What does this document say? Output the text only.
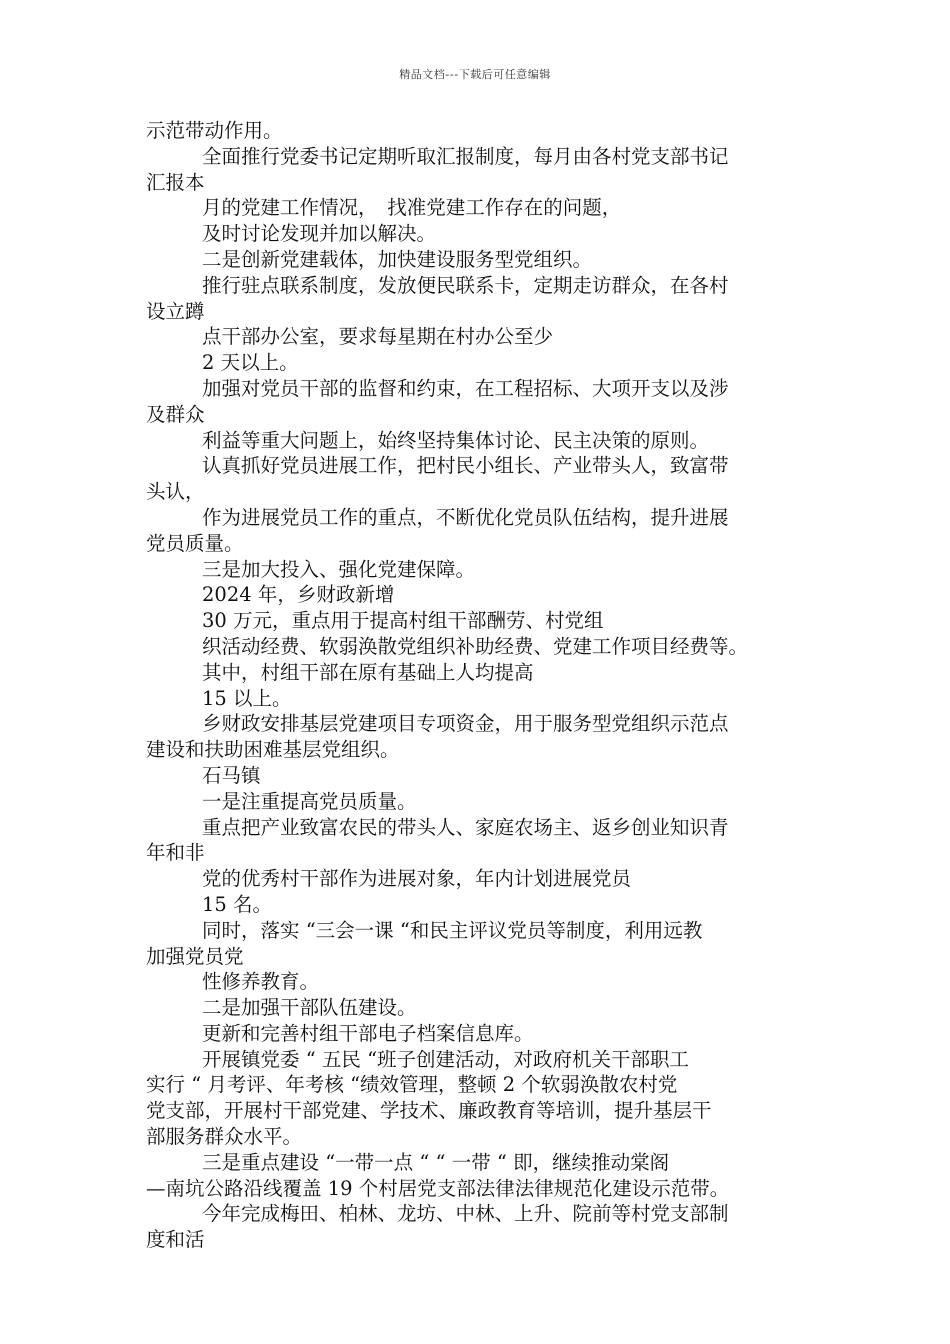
精品文档---下载后可任意编辑
示范带动作用。
全面推行党委书记定期听取汇报制度，每月由各村党支部书记
汇报本
月的党建工作情况，　找准党建工作存在的问题，
及时讨论发现并加以解决。
二是创新党建载体，加快建设服务型党组织。
推行驻点联系制度，发放便民联系卡，定期走访群众，在各村
设立蹲
点干部办公室，要求每星期在村办公至少
2 天以上。
加强对党员干部的监督和约束，在工程招标、大项开支以及涉
及群众
利益等重大问题上，始终坚持集体讨论、民主决策的原则。
认真抓好党员进展工作，把村民小组长、产业带头人，致富带
头认，
作为进展党员工作的重点，不断优化党员队伍结构，提升进展
党员质量。
三是加大投入、强化党建保障。
2024 年，乡财政新增
30 万元，重点用于提高村组干部酬劳、村党组
织活动经费、软弱涣散党组织补助经费、党建工作项目经费等。
其中，村组干部在原有基础上人均提高
15 以上。
乡财政安排基层党建项目专项资金，用于服务型党组织示范点
建设和扶助困难基层党组织。
石马镇
一是注重提高党员质量。
重点把产业致富农民的带头人、家庭农场主、返乡创业知识青
年和非
党的优秀村干部作为进展对象，年内计划进展党员
15 名。
同时，落实 “三会一课 “和民主评议党员等制度，利用远教
加强党员党
性修养教育。
二是加强干部队伍建设。
更新和完善村组干部电子档案信息库。
开展镇党委 “ 五民 “班子创建活动，对政府机关干部职工
实行 “ 月考评、年考核 “绩效管理，整顿 2 个软弱涣散农村党
党支部，开展村干部党建、学技术、廉政教育等培训，提升基层干
部服务群众水平。
三是重点建设 “一带一点 “ “ 一带 “ 即，继续推动棠阁
—南坑公路沿线覆盖 19 个村居党支部法律法律规范化建设示范带。
今年完成梅田、柏林、龙坊、中林、上升、院前等村党支部制
度和活
